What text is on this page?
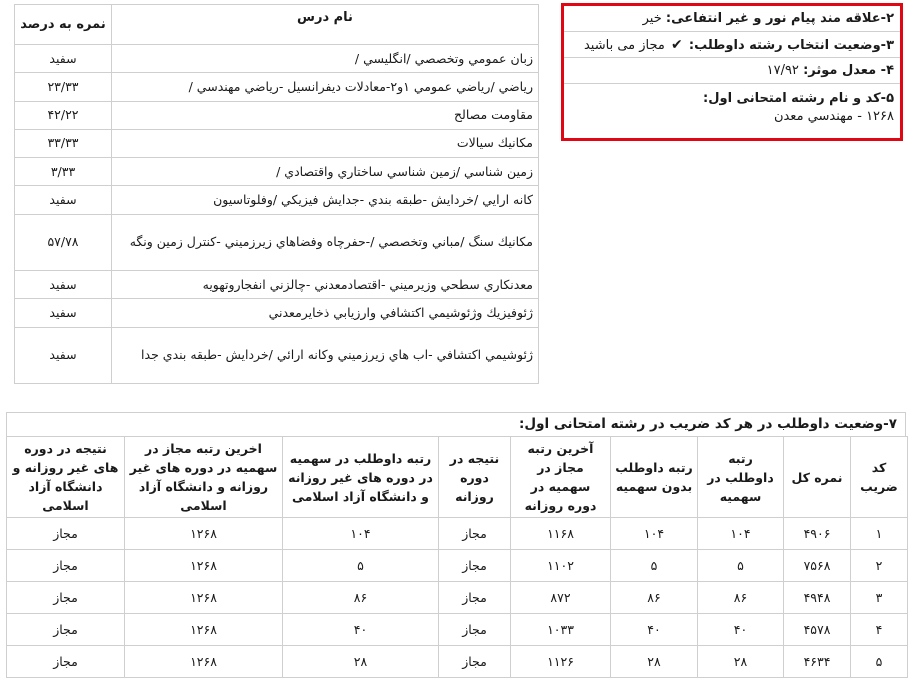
نام درس	نمره به درصد
زبان عمومي وتخصصي /انگليسي /	سفيد
رياضي /رياضي عمومي ۱و۲-معادلات ديفرانسيل -رياضي مهندسي /	۲۳/۳۳
مقاومت مصالح	۴۲/۲۲
مكانيك سيالات	۳۳/۳۳
زمين شناسي /زمين شناسي ساختاري واقتصادي /	۳/۳۳
كانه ارايي /خردايش -طبقه بندي -جدايش فيزيكي /وفلوتاسيون	سفيد
مكانيك سنگ /مباني وتخصصي /-حفرچاه وفضاهاي زيرزميني -كنترل زمين ونگه	۵۷/۷۸
معدنكاري سطحي وزيرميني -اقتصادمعدني -چالزني انفجاروتهويه	سفيد
ژئوفيزيك وژئوشيمي اكتشافي وارزيابي ذخايرمعدني	سفيد
ژئوشيمي اكتشافي -اب هاي زيرزميني وكانه ارائي /خردايش -طبقه بندي جدا	سفيد
۲-علاقه مند پیام نور و غیر انتفاعی: خیر
۳-وضعیت انتخاب رشته داوطلب: ✔ مجاز می باشید
۴- معدل موثر: ۱۷/۹۲
۵-کد و نام رشته امتحانی اول:
۱۲۶۸ - مهندسي معدن
۷-وضعیت داوطلب در هر کد ضریب در رشته امتحانی اول:
کد ضریب	نمره کل	رتبه داوطلب در سهمیه	رتبه داوطلب بدون سهمیه	آخرین رتبه مجاز در سهمیه در دوره روزانه	نتیجه در دوره روزانه	رتبه داوطلب در سهمیه در دوره های غیر روزانه و دانشگاه آزاد اسلامی	اخرین رتبه مجاز در سهمیه در دوره های غیر روزانه و دانشگاه آزاد اسلامی	نتیجه در دوره های غیر روزانه و دانشگاه آزاد اسلامی
۱	۴۹۰۶	۱۰۴	۱۰۴	۱۱۶۸	مجاز	۱۰۴	۱۲۶۸	مجاز
۲	۷۵۶۸	۵	۵	۱۱۰۲	مجاز	۵	۱۲۶۸	مجاز
۳	۴۹۴۸	۸۶	۸۶	۸۷۲	مجاز	۸۶	۱۲۶۸	مجاز
۴	۴۵۷۸	۴۰	۴۰	۱۰۳۳	مجاز	۴۰	۱۲۶۸	مجاز
۵	۴۶۳۴	۲۸	۲۸	۱۱۲۶	مجاز	۲۸	۱۲۶۸	مجاز
